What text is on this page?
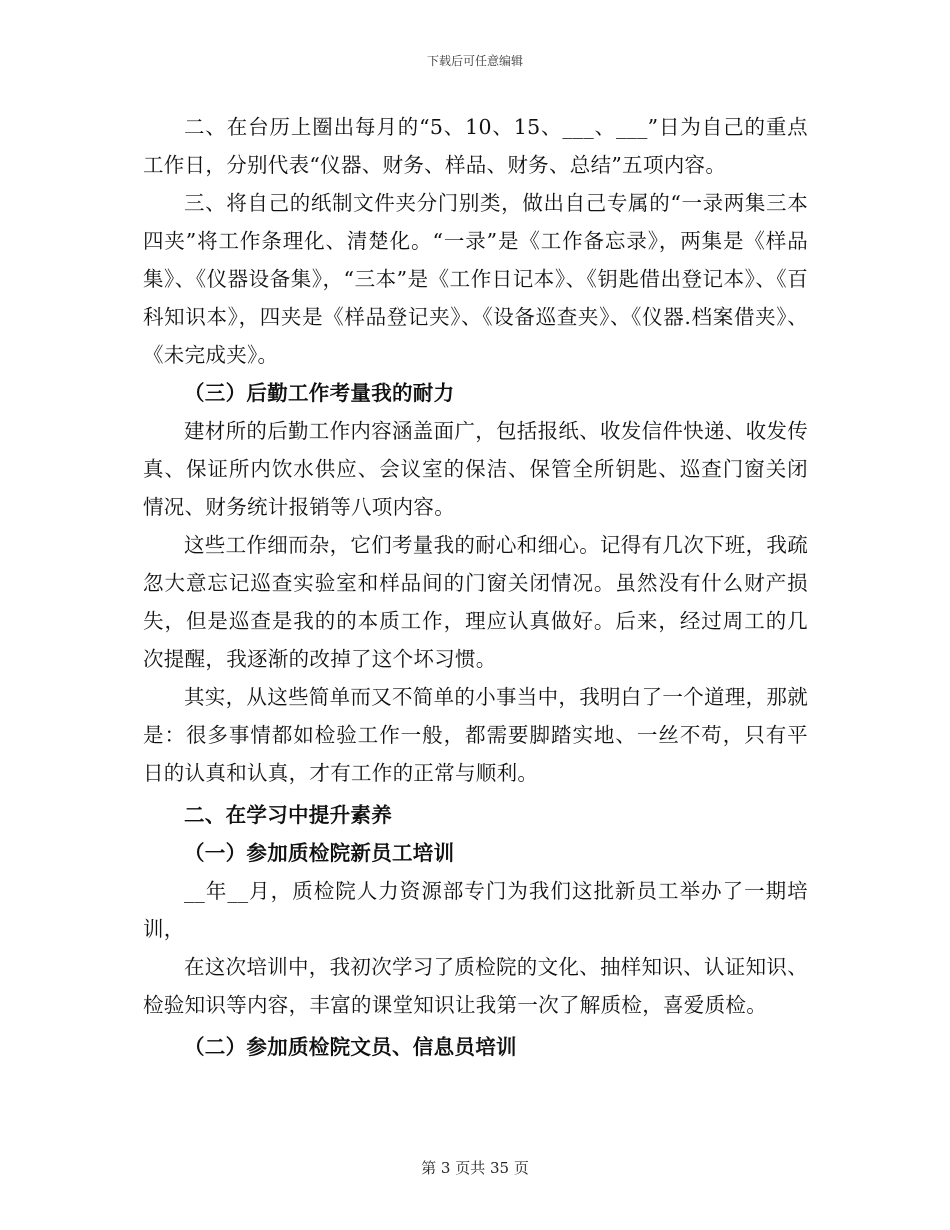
下载后可任意编辑

二、在台历上圈出每月的“5、10、15、___、___”日为自己的重点工作日，分别代表“仪器、财务、样品、财务、总结”五项内容。

三、将自己的纸制文件夹分门别类，做出自己专属的“一录两集三本四夹”将工作条理化、清楚化。“一录”是《工作备忘录》，两集是《样品集》、《仪器设备集》，“三本”是《工作日记本》、《钥匙借出登记本》、《百科知识本》，四夹是《样品登记夹》、《设备巡查夹》、《仪器.档案借夹》、《未完成夹》。

（三）后勤工作考量我的耐力

建材所的后勤工作内容涵盖面广，包括报纸、收发信件快递、收发传真、保证所内饮水供应、会议室的保洁、保管全所钥匙、巡查门窗关闭情况、财务统计报销等八项内容。

这些工作细而杂，它们考量我的耐心和细心。记得有几次下班，我疏忽大意忘记巡查实验室和样品间的门窗关闭情况。虽然没有什么财产损失，但是巡查是我的的本质工作，理应认真做好。后来，经过周工的几次提醒，我逐渐的改掉了这个坏习惯。

其实，从这些简单而又不简单的小事当中，我明白了一个道理，那就是：很多事情都如检验工作一般，都需要脚踏实地、一丝不苟，只有平日的认真和认真，才有工作的正常与顺利。

二、在学习中提升素养

（一）参加质检院新员工培训

__年__月，质检院人力资源部专门为我们这批新员工举办了一期培训，

在这次培训中，我初次学习了质检院的文化、抽样知识、认证知识、检验知识等内容，丰富的课堂知识让我第一次了解质检，喜爱质检。

（二）参加质检院文员、信息员培训

第 3 页共 35 页
